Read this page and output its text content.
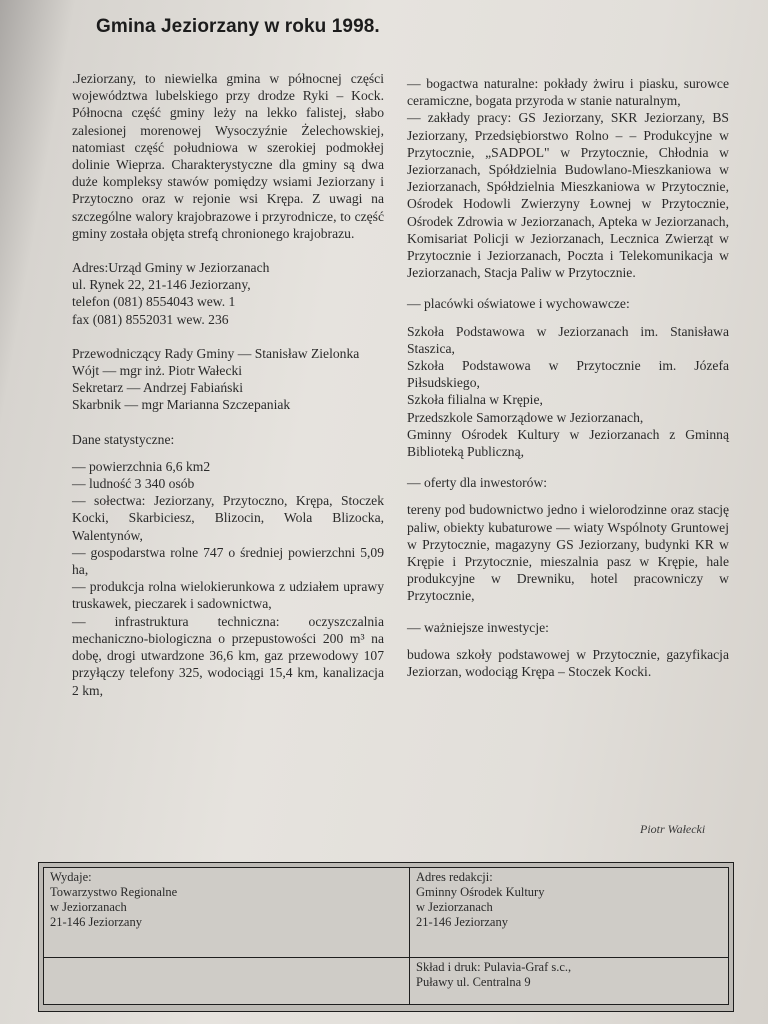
Gmina Jeziorzany w roku 1998.

.Jeziorzany, to niewielka gmina w północnej części województwa lubelskiego przy drodze Ryki – Kock. Północna część gminy leży na lekko falistej, słabo zalesionej morenowej Wysoczyźnie Żelechowskiej, natomiast część południowa w szerokiej podmokłej dolinie Wieprza. Charakterystyczne dla gminy są dwa duże kompleksy stawów pomiędzy wsiami Jeziorzany i Przytoczno oraz w rejonie wsi Krępa. Z uwagi na szczególne walory krajobrazowe i przyrodnicze, to część gminy została objęta strefą chronionego krajobrazu.

Adres:Urząd Gminy w Jeziorzanach

ul. Rynek 22, 21-146 Jeziorzany,

telefon (081) 8554043 wew. 1

fax (081) 8552031 wew. 236

Przewodniczący Rady Gminy — Stanisław Zielonka

Wójt — mgr inż. Piotr Wałecki

Sekretarz — Andrzej Fabiański

Skarbnik — mgr Marianna Szczepaniak

Dane statystyczne:

— powierzchnia 6,6 km2

— ludność 3 340 osób

— sołectwa: Jeziorzany, Przytoczno, Krępa, Stoczek Kocki, Skarbiciesz, Blizocin, Wola Blizocka, Walentynów,

— gospodarstwa rolne 747 o średniej powierzchni 5,09 ha,

— produkcja rolna wielokierunkowa z udziałem uprawy truskawek, pieczarek i sadownictwa,

— infrastruktura techniczna: oczyszczalnia mechaniczno-biologiczna o przepustowości 200 m³ na dobę, drogi utwardzone 36,6 km, gaz przewodowy 107 przyłączy telefony 325, wodociągi 15,4 km, kanalizacja 2 km,

— bogactwa naturalne: pokłady żwiru i piasku, surowce ceramiczne, bogata przyroda w stanie naturalnym,

— zakłady pracy: GS Jeziorzany, SKR Jeziorzany, BS Jeziorzany, Przedsiębiorstwo Rolno – – Produkcyjne w Przytocznie, „SADPOL" w Przytocznie, Chłodnia w Jeziorzanach, Spółdzielnia Budowlano-Mieszkaniowa w Jeziorzanach, Spółdzielnia Mieszkaniowa w Przytocznie, Ośrodek Hodowli Zwierzyny Łownej w Przytocznie, Ośrodek Zdrowia w Jeziorzanach, Apteka w Jeziorzanach, Komisariat Policji w Jeziorzanach, Lecznica Zwierząt w Przytocznie i Jeziorzanach, Poczta i Telekomunikacja w Jeziorzanach, Stacja Paliw w Przytocznie.

— placówki oświatowe i wychowawcze:

Szkoła Podstawowa w Jeziorzanach im. Stanisława Staszica,

Szkoła Podstawowa w Przytocznie im. Józefa Piłsudskiego,

Szkoła filialna w Krępie,

Przedszkole Samorządowe w Jeziorzanach,

Gminny Ośrodek Kultury w Jeziorzanach z Gminną Biblioteką Publiczną,

— oferty dla inwestorów:

tereny pod budownictwo jedno i wielorodzinne oraz stację paliw, obiekty kubaturowe — wiaty Wspólnoty Gruntowej w Przytocznie, magazyny GS Jeziorzany, budynki KR w Krępie i Przytocznie, mieszalnia pasz w Krępie, hale produkcyjne w Drewniku, hotel pracowniczy w Przytocznie,

— ważniejsze inwestycje:

budowa szkoły podstawowej w Przytocznie, gazyfikacja Jeziorzan, wodociąg Krępa – Stoczek Kocki.

Piotr Wałecki

Wydaje:

Towarzystwo Regionalne

w Jeziorzanach

21-146 Jeziorzany

Adres redakcji:

Gminny Ośrodek Kultury

w Jeziorzanach

21-146 Jeziorzany

Skład i druk: Pulavia-Graf s.c.,

Puławy ul. Centralna 9
